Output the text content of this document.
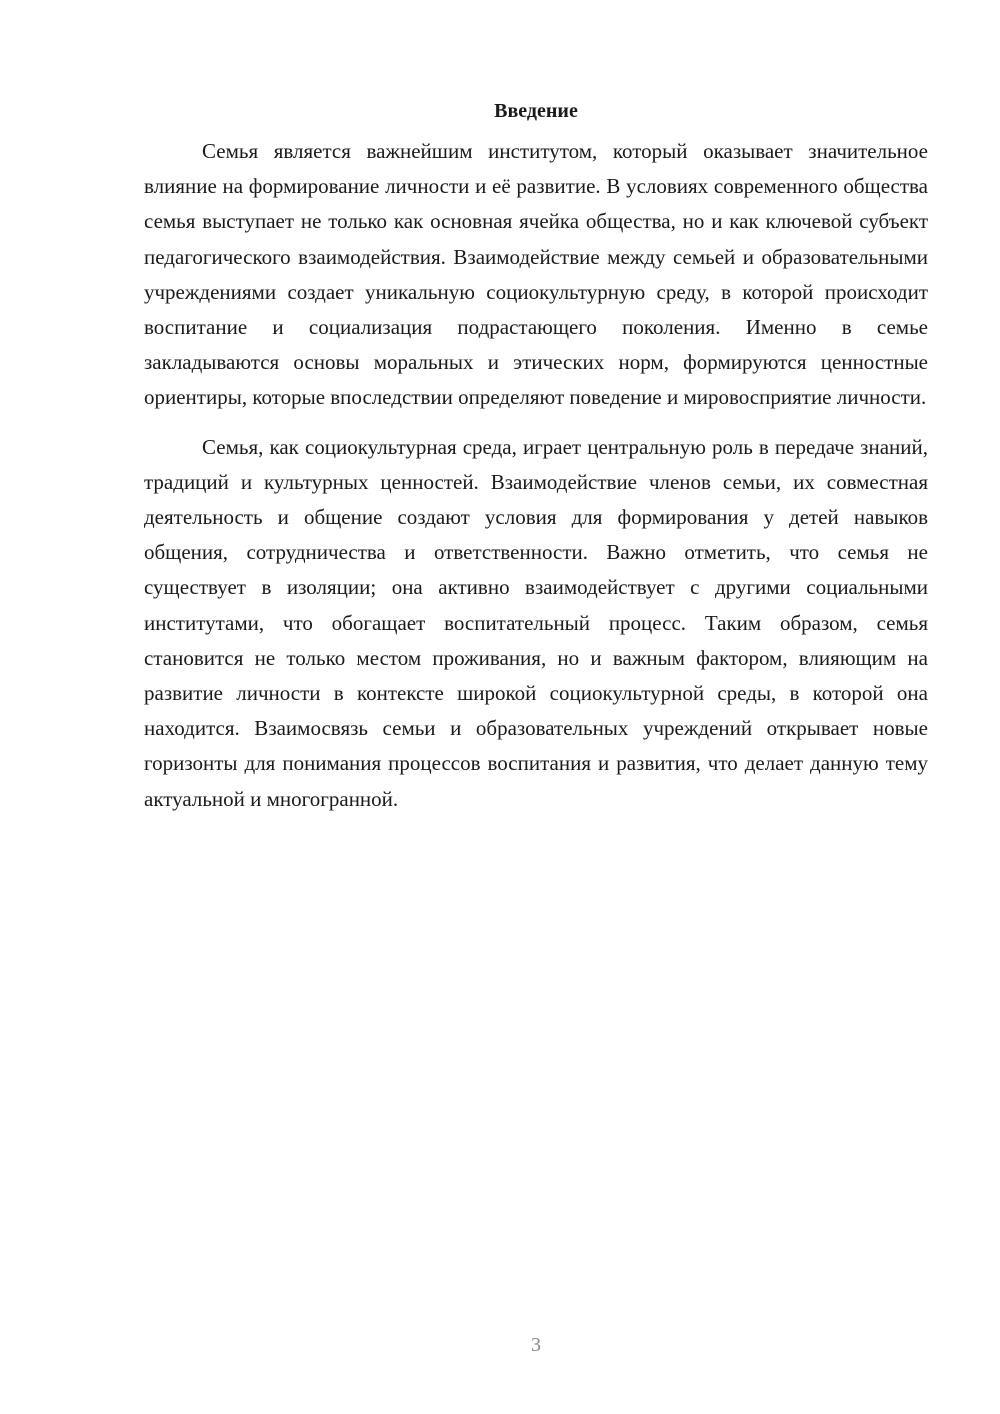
Введение

Семья является важнейшим институтом, который оказывает значительное влияние на формирование личности и её развитие. В условиях современного общества семья выступает не только как основная ячейка общества, но и как ключевой субъект педагогического взаимодействия. Взаимодействие между семьей и образовательными учреждениями создает уникальную социокультурную среду, в которой происходит воспитание и социализация подрастающего поколения. Именно в семье закладываются основы моральных и этических норм, формируются ценностные ориентиры, которые впоследствии определяют поведение и мировосприятие личности.

Семья, как социокультурная среда, играет центральную роль в передаче знаний, традиций и культурных ценностей. Взаимодействие членов семьи, их совместная деятельность и общение создают условия для формирования у детей навыков общения, сотрудничества и ответственности. Важно отметить, что семья не существует в изоляции; она активно взаимодействует с другими социальными институтами, что обогащает воспитательный процесс. Таким образом, семья становится не только местом проживания, но и важным фактором, влияющим на развитие личности в контексте широкой социокультурной среды, в которой она находится. Взаимосвязь семьи и образовательных учреждений открывает новые горизонты для понимания процессов воспитания и развития, что делает данную тему актуальной и многогранной.

3
